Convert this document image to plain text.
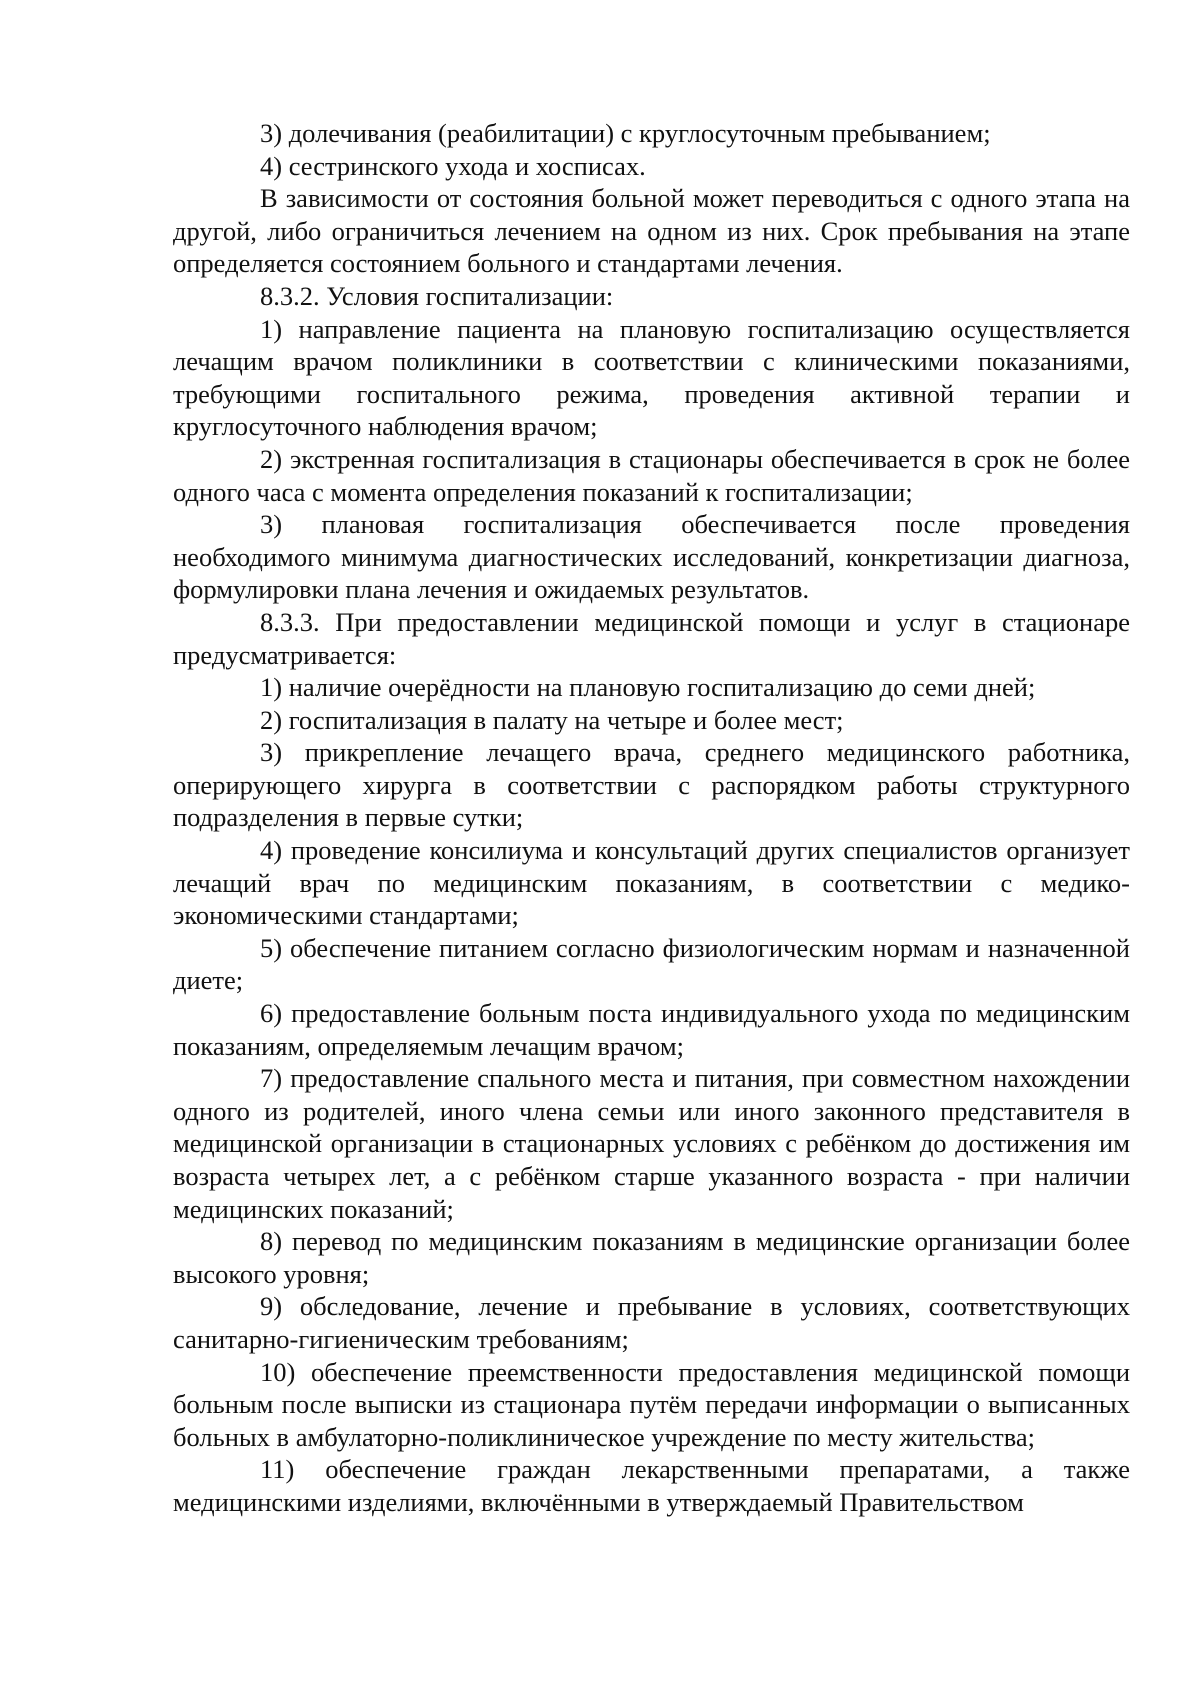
3) долечивания (реабилитации) с круглосуточным пребыванием;

4) сестринского ухода и хосписах.

В зависимости от состояния больной может переводиться с одного этапа на другой, либо ограничиться лечением на одном из них. Срок пребывания на этапе определяется состоянием больного и стандартами лечения.

8.3.2. Условия госпитализации:

1) направление пациента на плановую госпитализацию осуществляется лечащим врачом поликлиники в соответствии с клиническими показаниями, требующими госпитального режима, проведения активной терапии и круглосуточного наблюдения врачом;

2) экстренная госпитализация в стационары обеспечивается в срок не более одного часа с момента определения показаний к госпитализации;

3) плановая госпитализация обеспечивается после проведения необходимого минимума диагностических исследований, конкретизации диагноза, формулировки плана лечения и ожидаемых результатов.

8.3.3. При предоставлении медицинской помощи и услуг в стационаре предусматривается:

1) наличие очерёдности на плановую госпитализацию до семи дней;

2) госпитализация в палату на четыре и более мест;

3) прикрепление лечащего врача, среднего медицинского работника, оперирующего хирурга в соответствии с распорядком работы структурного подразделения в первые сутки;

4) проведение консилиума и консультаций других специалистов организует лечащий врач по медицинским показаниям, в соответствии с медико-экономическими стандартами;

5) обеспечение питанием согласно физиологическим нормам и назначенной диете;

6) предоставление больным поста индивидуального ухода по медицинским показаниям, определяемым лечащим врачом;

7) предоставление спального места и питания, при совместном нахождении одного из родителей, иного члена семьи или иного законного представителя в медицинской организации в стационарных условиях с ребёнком до достижения им возраста четырех лет, а с ребёнком старше указанного возраста - при наличии медицинских показаний;

8) перевод по медицинским показаниям в медицинские организации более высокого уровня;

9) обследование, лечение и пребывание в условиях, соответствующих санитарно-гигиеническим требованиям;

10) обеспечение преемственности предоставления медицинской помощи больным после выписки из стационара путём передачи информации о выписанных больных в амбулаторно-поликлиническое учреждение по месту жительства;

11) обеспечение граждан лекарственными препаратами, а также медицинскими изделиями, включёнными в утверждаемый Правительством
